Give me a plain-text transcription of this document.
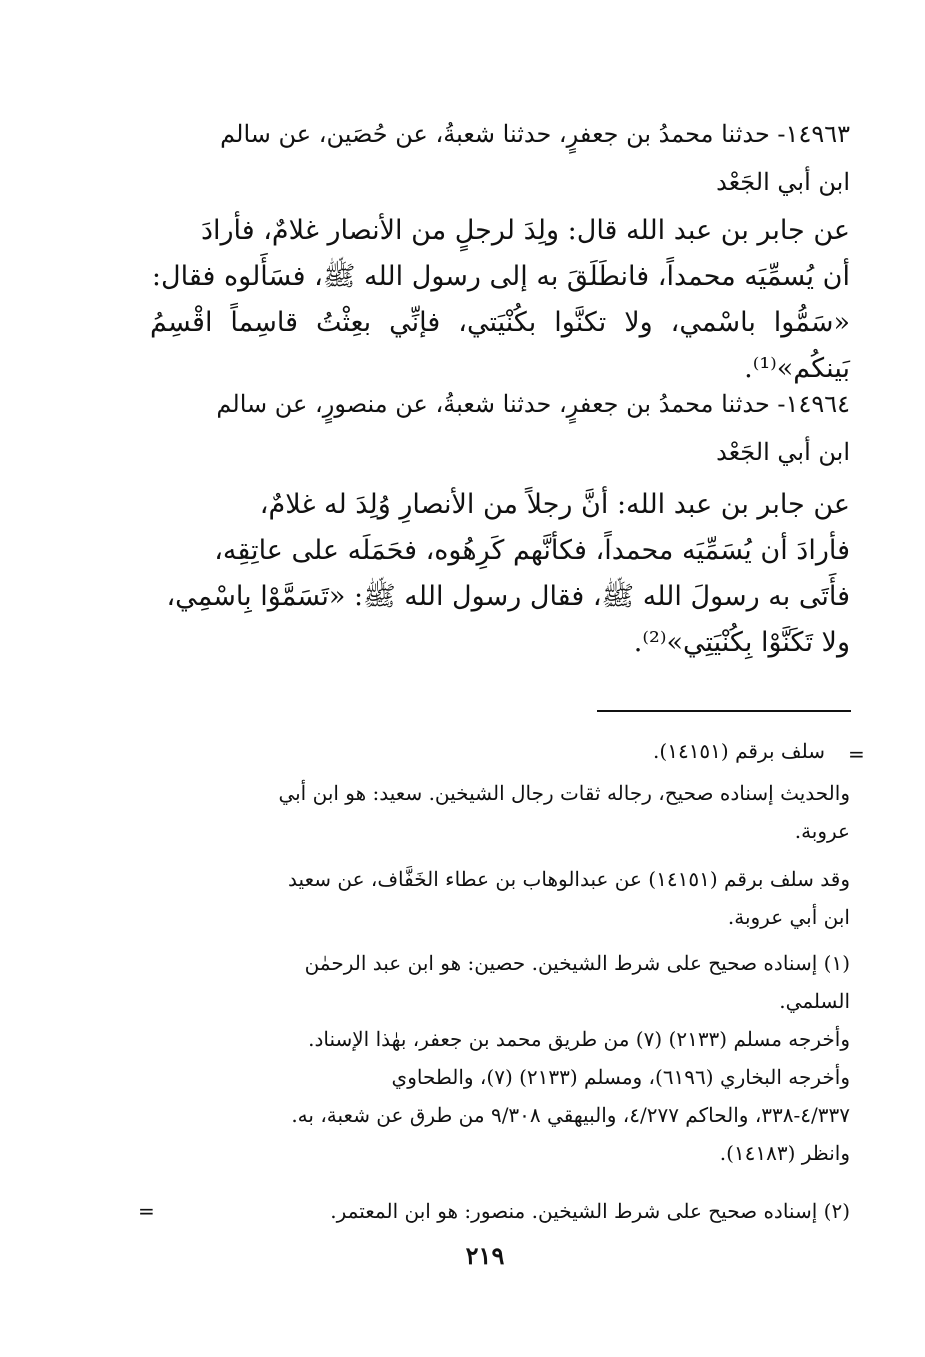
١٤٩٦٣- حدثنا محمدُ بن جعفرٍ، حدثنا شعبةُ، عن حُصَين، عن سالم
ابن أبي الجَعْد
عن جابر بن عبد الله قال: ولِدَ لرجلٍ من الأنصار غلامٌ، فأرادَ
أن يُسمِّيَه محمداً، فانطَلَقَ به إلى رسول الله ﷺ، فسَأَلوه فقال:
«سَمُّوا باسْمي، ولا تكنَّوا بكُنْيَتي، فإنِّي بعِثْتُ قاسِماً اقْسِمُ بَينكُم»⁽¹⁾.
١٤٩٦٤- حدثنا محمدُ بن جعفرٍ، حدثنا شعبةُ، عن منصورٍ، عن سالم
ابن أبي الجَعْد
عن جابر بن عبد الله: أنَّ رجلاً من الأنصارِ وُلِدَ له غلامٌ،
فأرادَ أن يُسَمِّيَه محمداً، فكأنَّهم كَرِهُوه، فحَمَلَه على عاتِقِه،
فأَتَى به رسولَ الله ﷺ، فقال رسول الله ﷺ: «تَسَمَّوْا بِاسْمِي،
ولا تَكَنَّوْا بِكُنْيَتِي»⁽²⁾.
=
سلف برقم (١٤١٥١).
والحديث إسناده صحيح، رجاله ثقات رجال الشيخين. سعيد: هو ابن أبي
عروبة.
وقد سلف برقم (١٤١٥١) عن عبدالوهاب بن عطاء الخَفَّاف، عن سعيد
ابن أبي عروبة.
(١) إسناده صحيح على شرط الشيخين. حصين: هو ابن عبد الرحمٰن
السلمي.
وأخرجه مسلم (٢١٣٣) (٧) من طريق محمد بن جعفر، بهٰذا الإسناد.
وأخرجه البخاري (٦١٩٦)، ومسلم (٢١٣٣) (٧)، والطحاوي
٤/٣٣٧-٣٣٨، والحاكم ٤/٢٧٧، والبيهقي ٩/٣٠٨ من طرق عن شعبة، به.
وانظر (١٤١٨٣).
(٢) إسناده صحيح على شرط الشيخين. منصور: هو ابن المعتمر.
=
٢١٩
